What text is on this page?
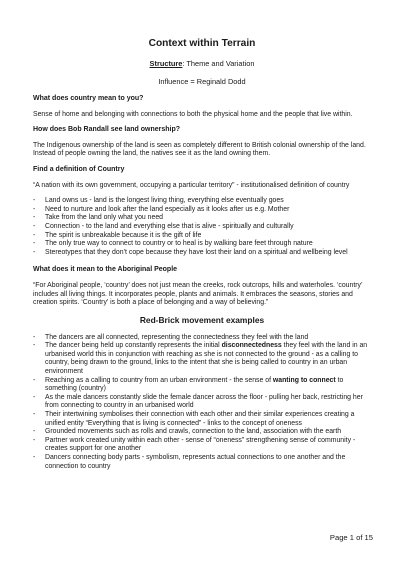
Context within Terrain
Structure: Theme and Variation
Influence = Reginald Dodd
What does country mean to you?

Sense of home and belonging with connections to both the physical home and the people that live within.

How does Bob Randall see land ownership?

The Indigenous ownership of the land is seen as completely different to British colonial ownership of the land. Instead of people owning the land, the natives see it as the land owning them.

Find a definition of Country

“A nation with its own government, occupying a particular territory” - institutionalised definition of country

- Land owns us - land is the longest living thing, everything else eventually goes
- Need to nurture and look after the land especially as it looks after us e.g. Mother
- Take from the land only what you need
- Connection - to the land and everything else that is alive - spiritually and culturally
- The spirit is unbreakable because it is the gift of life
- The only true way to connect to country or to heal is by walking bare feet through nature
- Stereotypes that they don’t cope because they have lost their land on a spiritual and wellbeing level
What does it mean to the Aboriginal People

“For Aboriginal people, ‘country’ does not just mean the creeks, rock outcrops, hills and waterholes. ‘country’ includes all living things. It incorporates people, plants and animals. It embraces the seasons, stories and creation spirits. ‘Country’ is both a place of belonging and a way of believing.”

Red-Brick movement examples
- The dancers are all connected, representing the connectedness they feel with the land
- The dancer being held up constantly represents the initial disconnectedness they feel with the land in an urbanised world this in conjunction with reaching as she is not connected to the ground - as a calling to country, being drawn to the ground, links to the intent that she is being called to country in an urban environment
- Reaching as a calling to country from an urban environment - the sense of wanting to connect to something (country)
- As the male dancers constantly slide the female dancer across the floor - pulling her back, restricting her from connecting to country in an urbanised world
- Their intertwining symbolises their connection with each other and their similar experiences creating a unified entity “Everything that is living is connected” - links to the concept of oneness
- Grounded movements such as rolls and crawls, connection to the land, association with the earth
- Partner work created unity within each other - sense of “oneness” strengthening sense of community - creates support for one another
- Dancers connecting body parts - symbolism, represents actual connections to one another and the connection to country
Page 1 of 15
